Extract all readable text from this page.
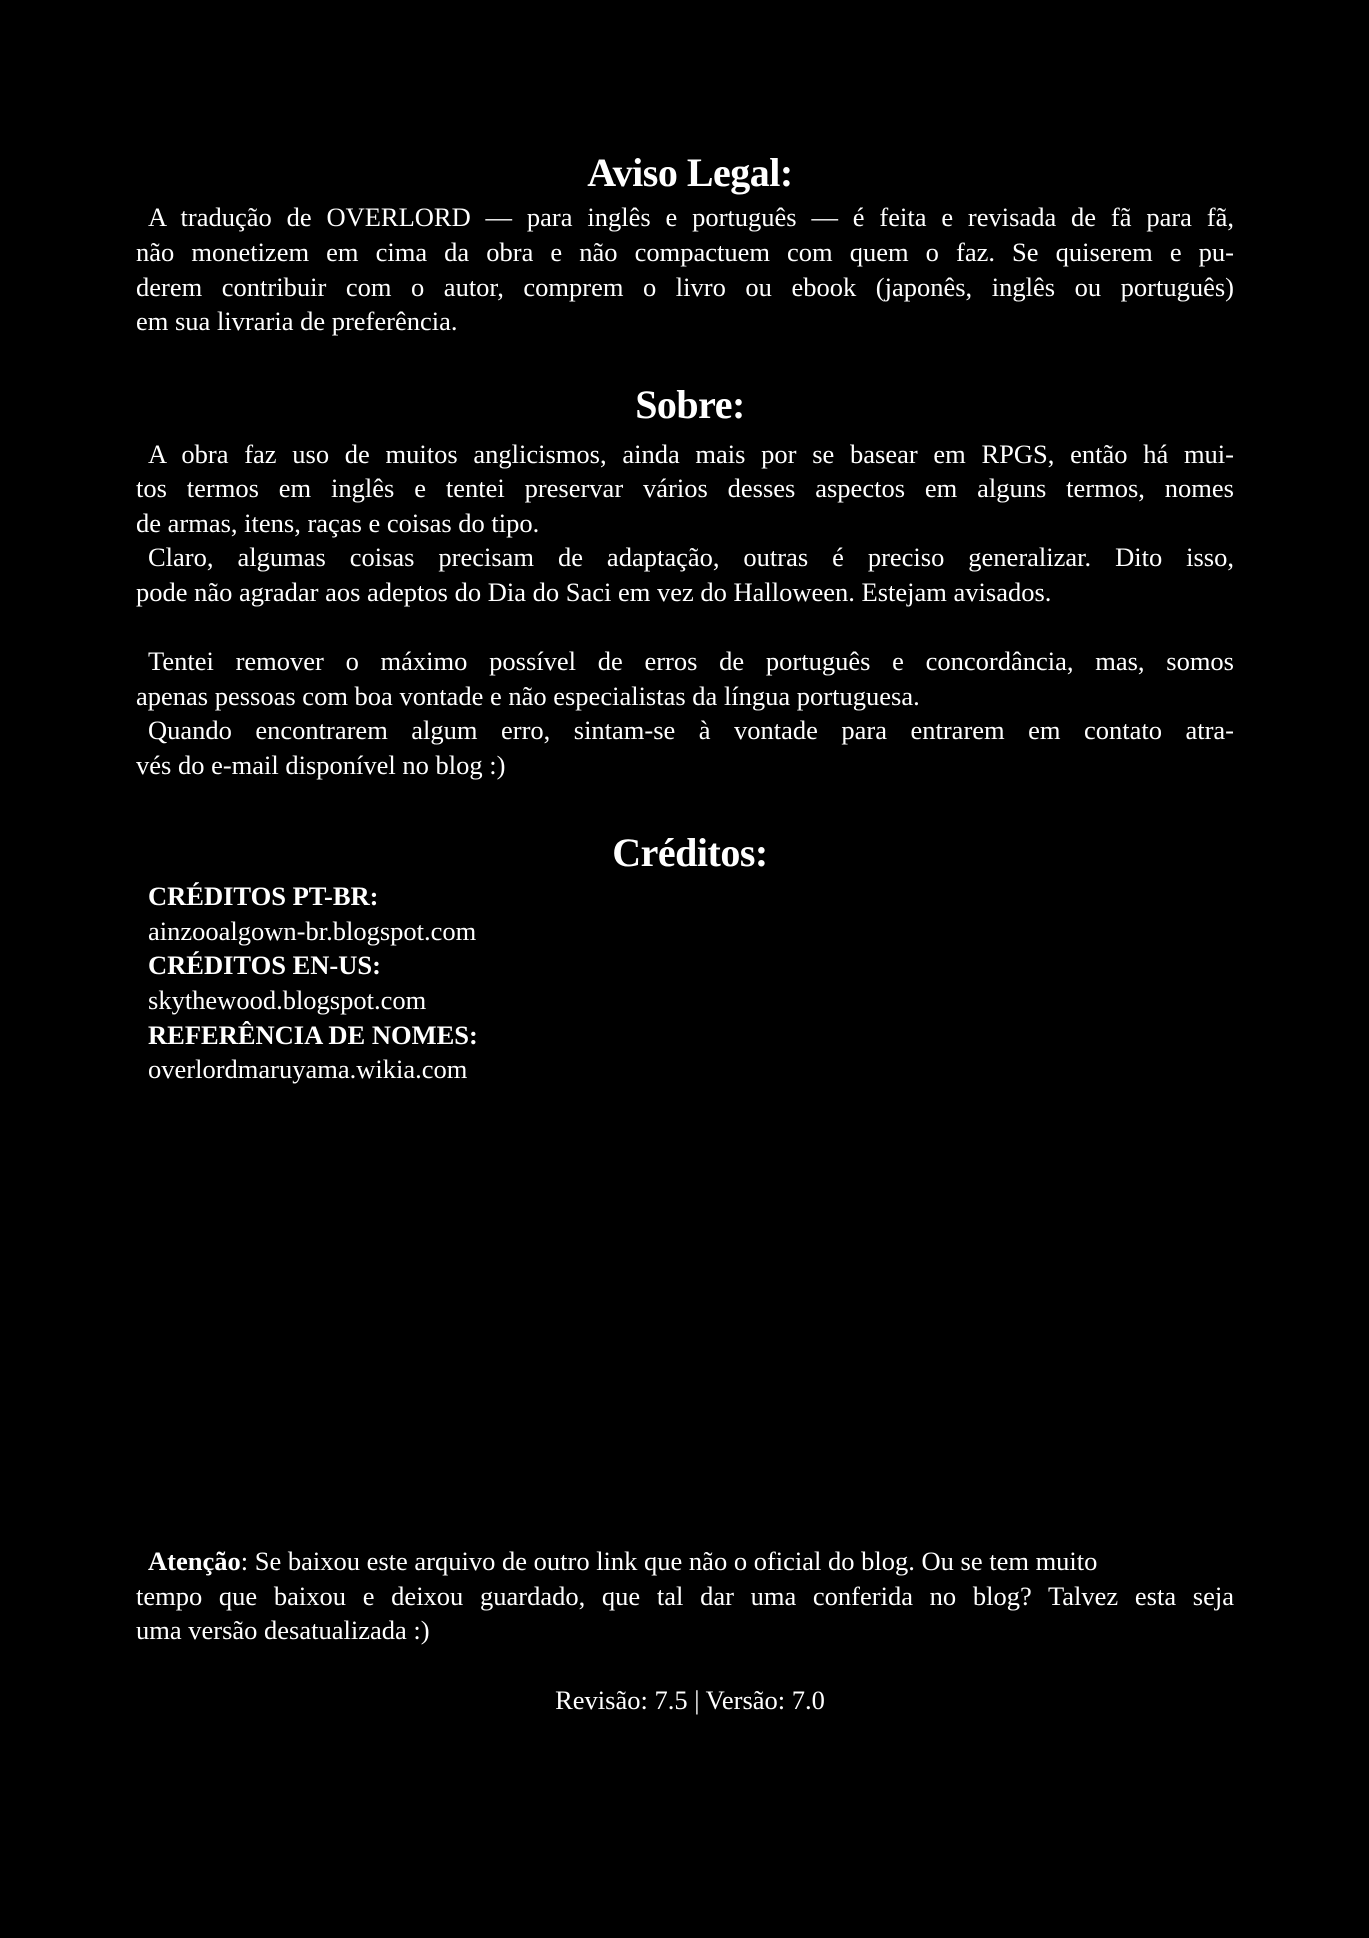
Aviso Legal:
A tradução de OVERLORD — para inglês e português — é feita e revisada de fã para fã,
não monetizem em cima da obra e não compactuem com quem o faz. Se quiserem e pu-
derem contribuir com o autor, comprem o livro ou ebook (japonês, inglês ou português)
em sua livraria de preferência.
Sobre:
A obra faz uso de muitos anglicismos, ainda mais por se basear em RPGS, então há mui-
tos termos em inglês e tentei preservar vários desses aspectos em alguns termos, nomes
de armas, itens, raças e coisas do tipo.
Claro, algumas coisas precisam de adaptação, outras é preciso generalizar. Dito isso,
pode não agradar aos adeptos do Dia do Saci em vez do Halloween. Estejam avisados.
Tentei remover o máximo possível de erros de português e concordância, mas, somos
apenas pessoas com boa vontade e não especialistas da língua portuguesa.
Quando encontrarem algum erro, sintam-se à vontade para entrarem em contato atra-
vés do e-mail disponível no blog :)
Créditos:
CRÉDITOS PT-BR:
ainzooalgown-br.blogspot.com
CRÉDITOS EN-US:
skythewood.blogspot.com
REFERÊNCIA DE NOMES:
overlordmaruyama.wikia.com
Atenção: Se baixou este arquivo de outro link que não o oficial do blog. Ou se tem muito
tempo que baixou e deixou guardado, que tal dar uma conferida no blog? Talvez esta seja
uma versão desatualizada :)
Revisão: 7.5 | Versão: 7.0
